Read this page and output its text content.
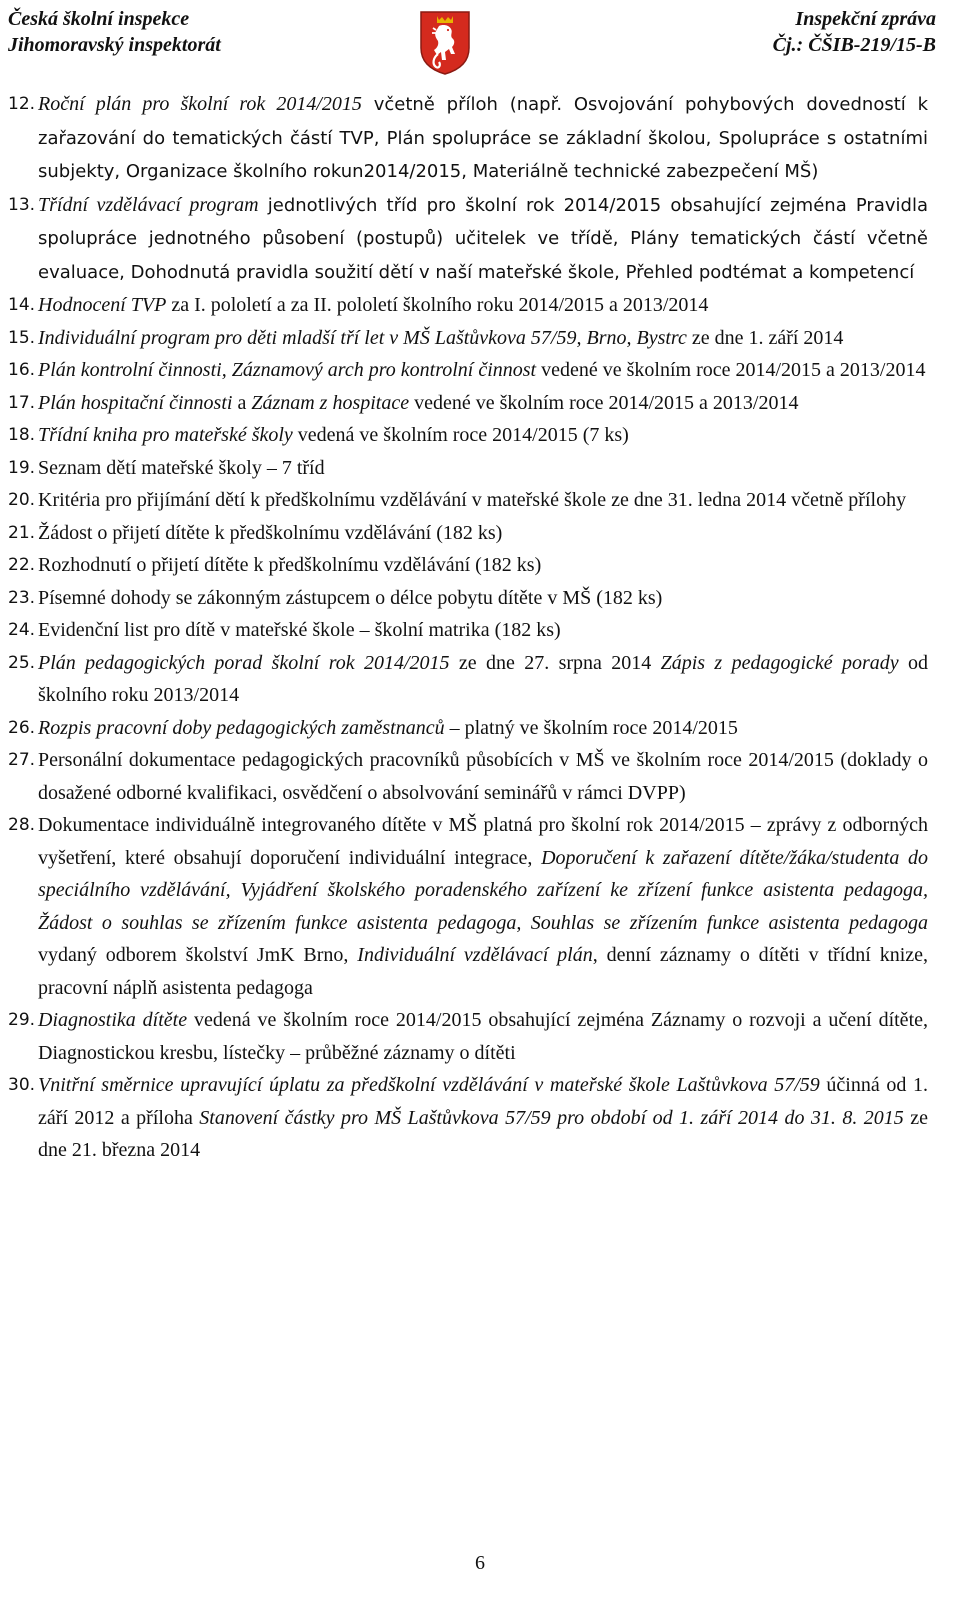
Česká školní inspekce
Jihomoravský inspektorát
Inspekční zpráva
Čj.: ČŠIB-219/15-B
12. Roční plán pro školní rok 2014/2015 včetně příloh (např. Osvojování pohybových dovedností k zařazování do tematických částí TVP, Plán spolupráce se základní školou, Spolupráce s ostatními subjekty, Organizace školního rokun2014/2015, Materiálně technické zabezpečení MŠ)
13. Třídní vzdělávací program jednotlivých tříd pro školní rok 2014/2015 obsahující zejména Pravidla spolupráce jednotného působení (postupů) učitelek ve třídě, Plány tematických částí včetně evaluace, Dohodnutá pravidla soužití dětí v naší mateřské škole, Přehled podtémat a kompetencí
14. Hodnocení TVP za I. pololetí a za II. pololetí školního roku 2014/2015 a 2013/2014
15. Individuální program pro děti mladší tří let v MŠ Laštůvkova 57/59, Brno, Bystrc ze dne 1. září 2014
16. Plán kontrolní činnosti, Záznamový arch pro kontrolní činnost vedené ve školním roce 2014/2015 a 2013/2014
17. Plán hospitační činnosti a Záznam z hospitace vedené ve školním roce 2014/2015 a 2013/2014
18. Třídní kniha pro mateřské školy vedená ve školním roce 2014/2015 (7 ks)
19. Seznam dětí mateřské školy – 7 tříd
20. Kritéria pro přijímání dětí k předškolnímu vzdělávání v mateřské škole ze dne 31. ledna 2014 včetně přílohy
21. Žádost o přijetí dítěte k předškolnímu vzdělávání (182 ks)
22. Rozhodnutí o přijetí dítěte k předškolnímu vzdělávání (182 ks)
23. Písemné dohody se zákonným zástupcem o délce pobytu dítěte v MŠ (182 ks)
24. Evidenční list pro dítě v mateřské škole – školní matrika (182 ks)
25. Plán pedagogických porad školní rok 2014/2015 ze dne 27. srpna 2014 Zápis z pedagogické porady od školního roku 2013/2014
26. Rozpis pracovní doby pedagogických zaměstnanců – platný ve školním roce 2014/2015
27. Personální dokumentace pedagogických pracovníků působících v MŠ ve školním roce 2014/2015 (doklady o dosažené odborné kvalifikaci, osvědčení o absolvování seminářů v rámci DVPP)
28. Dokumentace individuálně integrovaného dítěte v MŠ platná pro školní rok 2014/2015 – zprávy z odborných vyšetření, které obsahují doporučení individuální integrace, Doporučení k zařazení dítěte/žáka/studenta do speciálního vzdělávání, Vyjádření školského poradenského zařízení ke zřízení funkce asistenta pedagoga, Žádost o souhlas se zřízením funkce asistenta pedagoga, Souhlas se zřízením funkce asistenta pedagoga vydaný odborem školství JmK Brno, Individuální vzdělávací plán, denní záznamy o dítěti v třídní knize, pracovní náplň asistenta pedagoga
29. Diagnostika dítěte vedená ve školním roce 2014/2015 obsahující zejména Záznamy o rozvoji a učení dítěte, Diagnostickou kresbu, lístečky – průběžné záznamy o dítěti
30. Vnitřní směrnice upravující úplatu za předškolní vzdělávání v mateřské škole Laštůvkova 57/59 účinná od 1. září 2012 a příloha Stanovení částky pro MŠ Laštůvkova 57/59 pro období od 1. září 2014 do 31. 8. 2015 ze dne 21. března 2014
6
